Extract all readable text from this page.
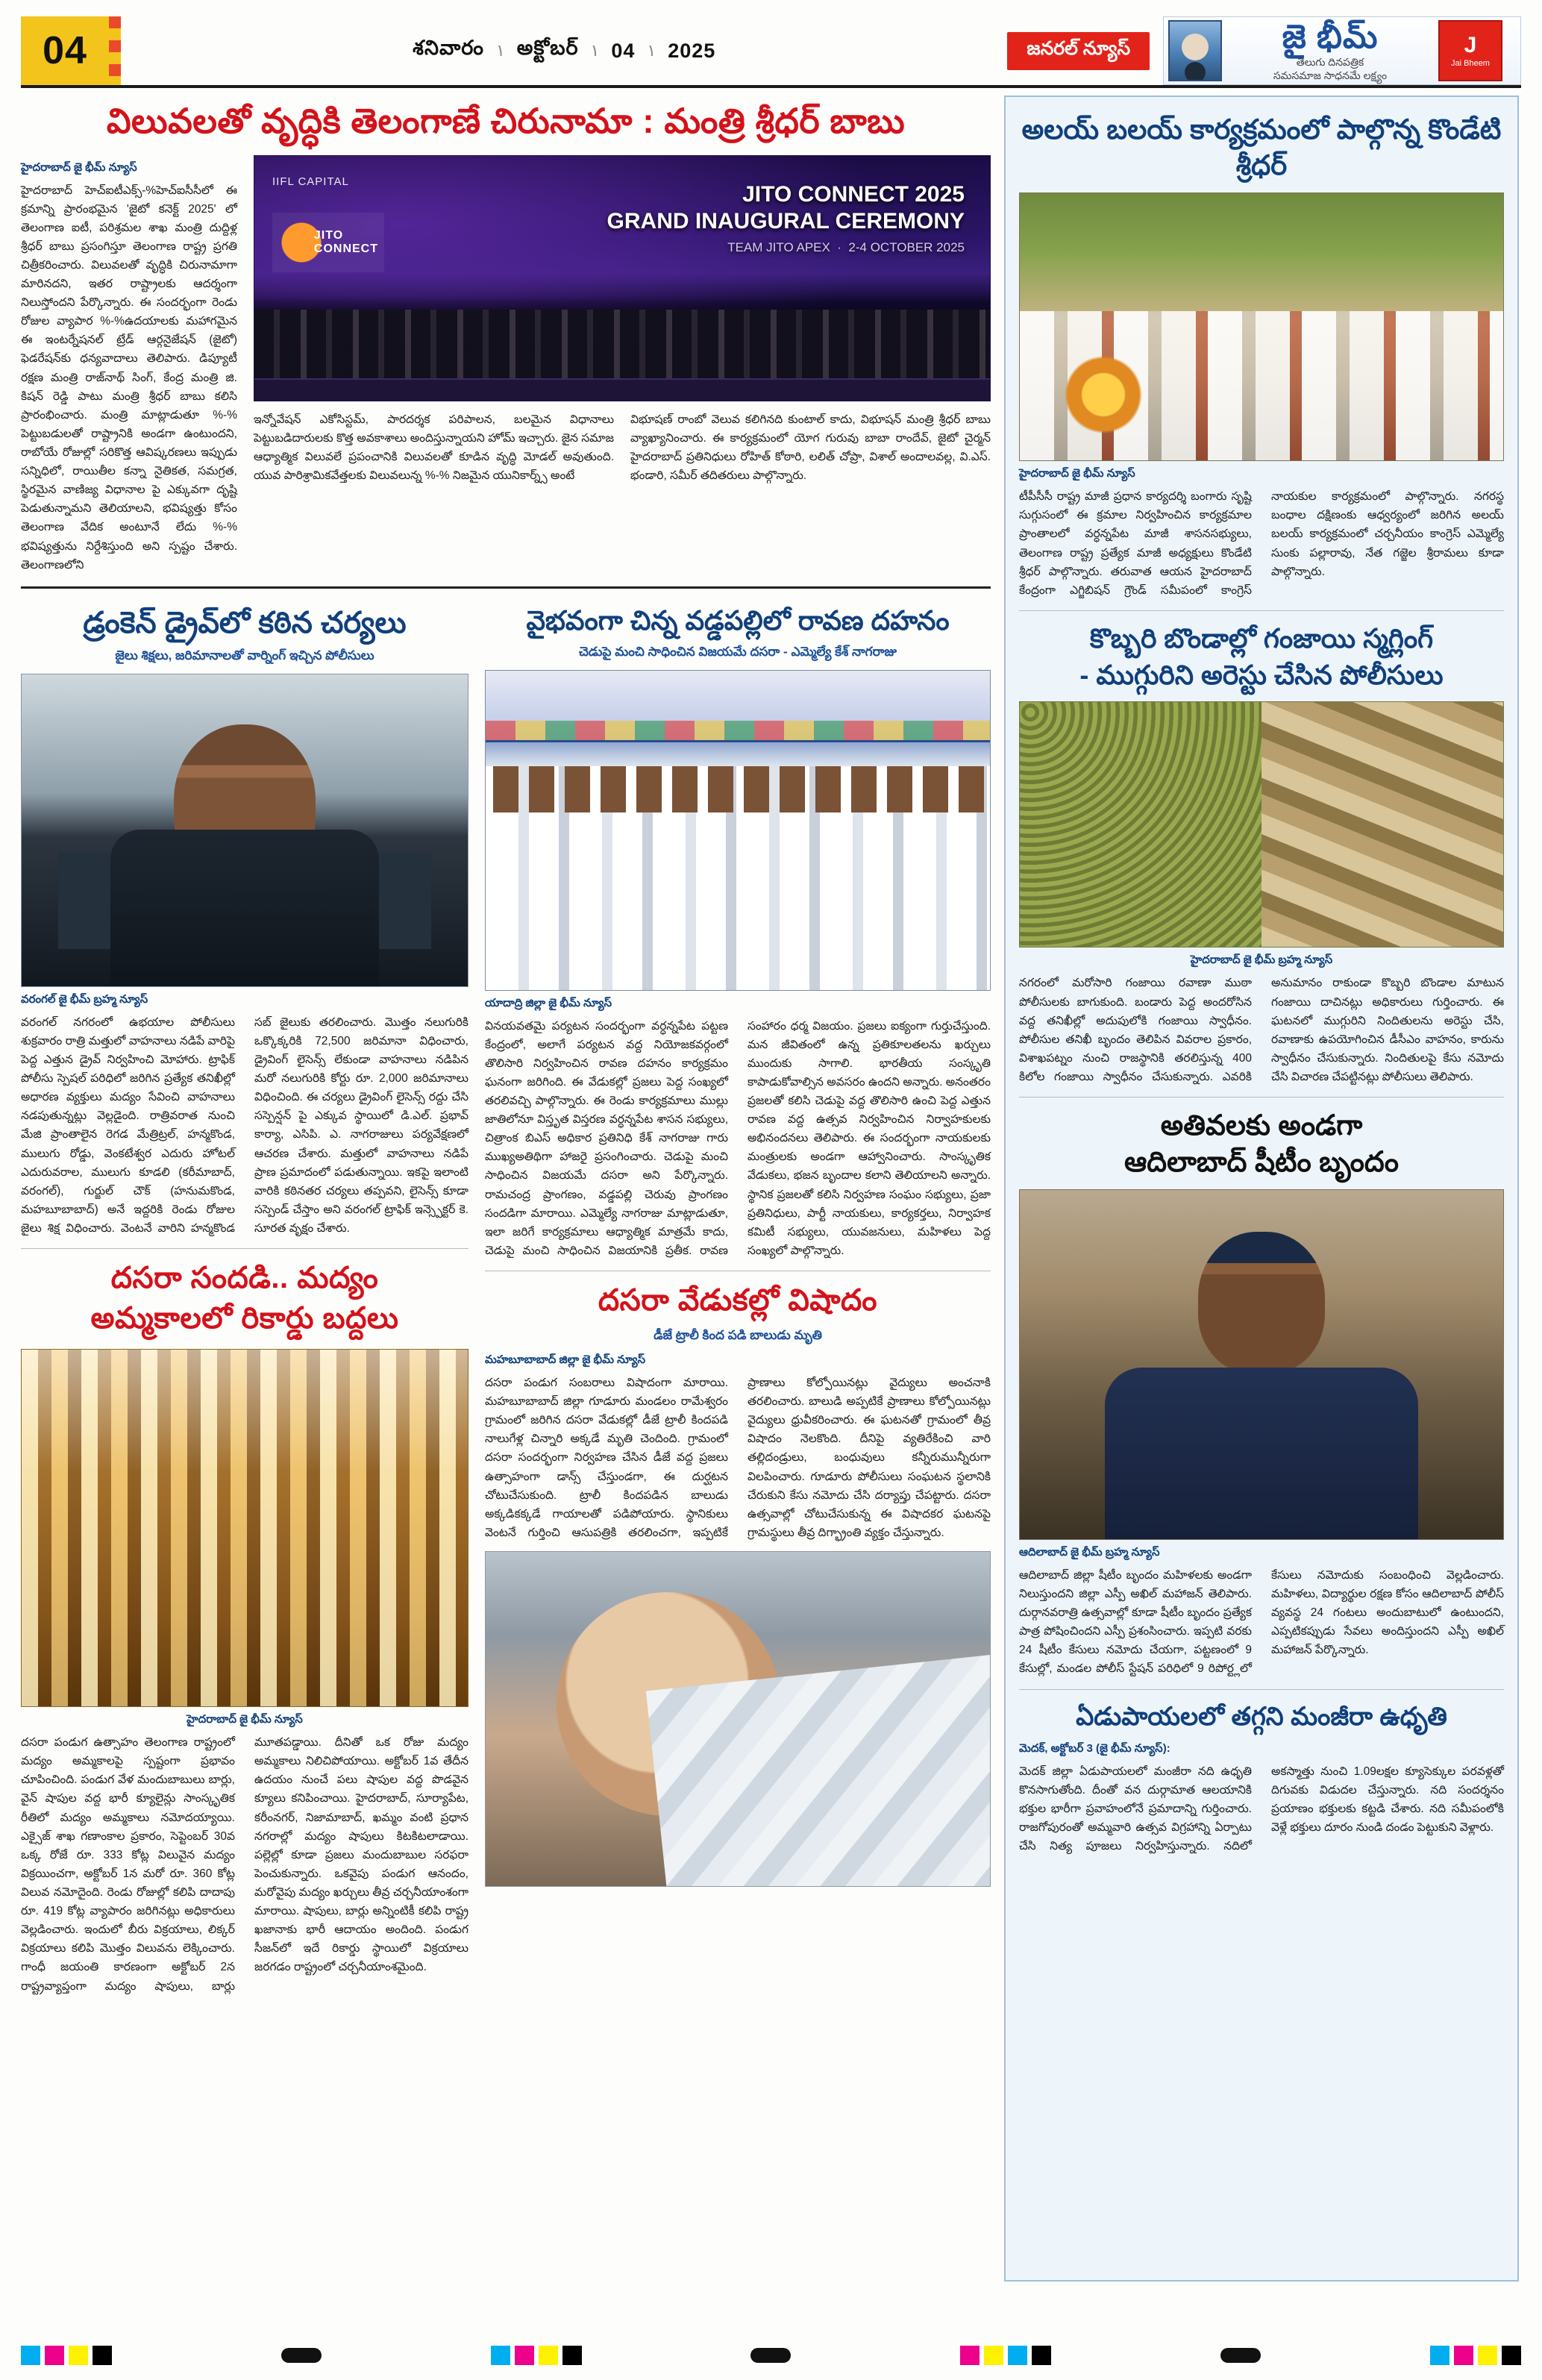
04	శనివారం ۱ అక్టోబర్ ۱ 04 ۱ 2025	జనరల్ న్యూస్	జై భీమ్
తెలుగు దినపత్రిక
సమసమాజ సాధనమే లక్ష్యం
J
Jai Bheem
విలువలతో వృద్ధికి తెలంగాణే చిరునామా : మంత్రి శ్రీధర్ బాబు
హైదరాబాద్ జై భీమ్ న్యూస్
హైదరాబాద్ హెచ్‌ఐటీఎక్స్-%హెచ్‌ఐసీసీలో ఈ క్రమాన్ని ప్రారంభమైన 'జైటో కనెక్ట్ 2025' లో తెలంగాణ ఐటీ, పరిశ్రమల శాఖ మంత్రి దుద్దిళ్ల శ్రీధర్ బాబు ప్రసంగిస్తూ తెలంగాణ రాష్ట్ర ప్రగతి చిత్రీకరించారు. విలువలతో వృద్ధికి చిరునామాగా మారినదని, ఇతర రాష్ట్రాలకు ఆదర్శంగా నిలుస్తోందని పేర్కొన్నారు. ఈ సందర్భంగా రెండు రోజుల వ్యాపార %-%ఉదయాలకు మహాగమైన ఈ ఇంటర్నేషనల్ ట్రేడ్ ఆర్గనైజేషన్ (జైటో) ఫెడరేషన్‌కు ధన్యవాదాలు తెలిపారు. డిప్యూటీ రక్షణ మంత్రి రాజ్‌నాథ్ సింగ్, కేంద్ర మంత్రి జి. కిషన్ రెడ్డి పాటు మంత్రి శ్రీధర్ బాబు కలిసి ప్రారంభించారు. మంత్రి మాట్లాడుతూ %-% పెట్టుబడులతో రాష్ట్రానికి అండగా ఉంటుందని, రాబోయే రోజుల్లో సరికొత్త ఆవిష్కరణలు ఇప్పుడు సన్నిధిలో, రాయితీల కన్నా నైతికత, సమగ్రత, స్థిరమైన వాణిజ్య విధానాల పై ఎక్కువగా దృష్టి పెడుతున్నామని తెలియాలని, భవిష్యత్తు కోసం తెలంగాణ వేదిక అంటూనే లేదు %-% భవిష్యత్తును నిర్దేశిస్తుంది అని స్పష్టం చేశారు. తెలంగాణలోని
IIFL CAPITAL
JITO
CONNECT
JITO CONNECT 2025
GRAND INAUGURAL CEREMONY
TEAM JITO APEX  ·  2-4 OCTOBER 2025
ఇన్నోవేషన్ ఎకోసిస్టమ్, పారదర్శక పరిపాలన, బలమైన విధానాలు పెట్టుబడిదారులకు కొత్త అవకాశాలు అందిస్తున్నాయని హోమ్ ఇచ్చారు. జైన సమాజ ఆధ్యాత్మిక విలువలే ప్రపంచానికి విలువలతో కూడిన వృద్ధి మోడల్ అవుతుంది. యువ పారిశ్రామికవేత్తలకు విలువలున్న %-% నిజమైన యునికార్న్స్ అంటే
విభూషణ్ రాంబో వెలువ కలిగినది కుంటాల్ కాదు, విభూషన్ మంత్రి శ్రీధర్ బాబు వ్యాఖ్యానించారు. ఈ కార్యక్రమంలో యోగ గురువు బాబా రాందేవ్, జైటో చైర్మన్ హైదరాబాద్ ప్రతినిధులు రోహిత్ కోఠారి, లలిత్ చోప్రా, విశాల్ అందాలవల్ల, వి.ఎస్. భండారి, సమీర్ తదితరులు పాల్గొన్నారు.
డ్రంకెన్ డ్రైవ్‌లో కఠిన చర్యలు
జైలు శిక్షలు, జరిమానాలతో వార్నింగ్ ఇచ్చిన పోలీసులు
వరంగల్ జై భీమ్ బ్రహ్మ న్యూస్
వరంగల్ నగరంలో ఉభయాల పోలీసులు శుక్రవారం రాత్రి మత్తులో వాహనాలు నడిపే వారిపై పెద్ద ఎత్తున డ్రైవ్ నిర్వహించి మోహారు. ట్రాఫిక్ పోలీసు స్పెషల్ పరిధిలో జరిగిన ప్రత్యేక తనిఖీల్లో అధారణ వ్యక్తులు మద్యం సేవించి వాహనాలు నడపుతున్నట్లు వెల్లడైంది. రాత్రివరాత నుంచి మేజి ప్రాంతాలైన రెగడ మేత్రిట్రల్, హన్మకొండ, ములుగు రోడ్డు, వెంకటేశ్వర ఎదురు హోటల్ ఎదురువరాల, ములుగు కూడలి (కరీమాబాద్, వరంగల్), గుర్జుల్ చౌక్ (హనుమకొండ, మహబూబాబాద్) అనే ఇద్దరికి రెండు రోజుల జైలు శిక్ష విధించారు. వెంటనే వారిని హన్మకొండ సబ్ జైలుకు తరలించారు. మొత్తం నలుగురికి ఒక్కొక్కరికి 72,500 జరిమానా విధించారు, డ్రైవింగ్ లైసెన్స్ లేకుండా వాహనాలు నడిపిన మరో నలుగురికి కోర్టు రూ. 2,000 జరిమానాలు విధించింది. ఈ చర్యలు డ్రైవింగ్ లైసెన్స్ రద్దు చేసి సస్పెన్షన్ పై ఎక్కువ స్థాయిలో డి.ఎల్. ప్రభావ్ కార్యా, ఎసిపి. ఎ. నాగరాజులు పర్యవేక్షణలో ఆచరణ చేశారు. మత్తులో వాహనాలు నడిపే ప్రాణ ప్రమాదంలో పడుతున్నాయి. ఇకపై ఇలాంటి వారికి కఠినతర చర్యలు తప్పవని, లైసెన్స్ కూడా సస్పెండ్ చేస్తాం అని వరంగల్ ట్రాఫిక్ ఇన్స్పెక్టర్ కె. సూరత వృక్షం చేశారు.
దసరా సందడి.. మద్యం
అమ్మకాలలో రికార్డు బద్దలు
హైదరాబాద్ జై భీమ్ న్యూస్
దసరా పండుగ ఉత్సాహం తెలంగాణ రాష్ట్రంలో మద్యం అమ్మకాలపై స్పష్టంగా ప్రభావం చూపించింది. పండుగ వేళ మందుబాబులు బార్లు, వైన్ షాపుల వద్ద భారీ క్యూలైన్లు సాంస్కృతిక రీతిలో మద్యం అమ్మకాలు నమోదయ్యాయి. ఎక్సైజ్ శాఖ గణాంకాల ప్రకారం, సెప్టెంబర్ 30వ ఒక్క రోజే రూ. 333 కోట్ల విలువైన మద్యం విక్రయించగా, అక్టోబర్ 1న మరో రూ. 360 కోట్ల విలువ నమోదైంది. రెండు రోజుల్లో కలిపి దాదాపు రూ. 419 కోట్ల వ్యాపారం జరిగినట్లు అధికారులు వెల్లడించారు. ఇందులో బీరు విక్రయాలు, లిక్కర్ విక్రయాలు కలిపి మొత్తం విలువను లెక్కించారు. గాంధీ జయంతి కారణంగా అక్టోబర్ 2న రాష్ట్రవ్యాప్తంగా మద్యం షాపులు, బార్లు మూతపడ్డాయి. దీనితో ఒక రోజు మద్యం అమ్మకాలు నిలిచిపోయాయి. అక్టోబర్ 1వ తేదీన ఉదయం నుంచే పలు షాపుల వద్ద పొడవైన క్యూలు కనిపించాయి. హైదరాబాద్, సూర్యాపేట, కరీంనగర్, నిజామాబాద్, ఖమ్మం వంటి ప్రధాన నగరాల్లో మద్యం షాపులు కిటకిటలాడాయి. పల్లెల్లో కూడా ప్రజలు మందుబాబుల సరఫరా పెంచుకున్నారు. ఒకవైపు పండుగ ఆనందం, మరోవైపు మద్యం ఖర్చులు తీవ్ర చర్చనీయాంశంగా మారాయి. షాపులు, బార్లు అన్నింటికీ కలిపి రాష్ట్ర ఖజానాకు భారీ ఆదాయం అందింది. పండుగ సీజన్‌లో ఇదే రికార్డు స్థాయిలో విక్రయాలు జరగడం రాష్ట్రంలో చర్చనీయాంశమైంది.
వైభవంగా చిన్న వడ్డపల్లిలో రావణ దహనం
చెడుపై మంచి సాధించిన విజయమే దసరా - ఎమ్మెల్యే కేశ్ నాగరాజు
యాదాద్రి జిల్లా జై భీమ్ న్యూస్
వినయవతమై పర్యటన సందర్భంగా వర్ధన్నపేట పట్టణ కేంద్రంలో, అలాగే పర్యటన వద్ద నియోజకవర్గంలో తొలిసారి నిర్వహించిన రావణ దహనం కార్యక్రమం ఘనంగా జరిగింది. ఈ వేడుకల్లో ప్రజలు పెద్ద సంఖ్యలో తరలివచ్చి పాల్గొన్నారు. ఈ రెండు కార్యక్రమాలు ముల్లు జాతిలోనూ విస్తృత విస్తరణ వర్ధన్నపేట శాసన సభ్యులు, చిత్రాంక బిఎస్ అధికార ప్రతినిధి కేశ్ నాగరాజు గారు ముఖ్యఅతిథిగా హాజరై ప్రసంగించారు. చెడుపై మంచి సాధించిన విజయమే దసరా అని పేర్కొన్నారు. రామచంద్ర ప్రాంగణం, వడ్డపల్లి చెరువు ప్రాంగణం సందడిగా మారాయి. ఎమ్మెల్యే నాగరాజు మాట్లాడుతూ, ఇలా జరిగే కార్యక్రమాలు ఆధ్యాత్మిక మాత్రమే కాదు, చెడుపై మంచి సాధించిన విజయానికి ప్రతీక. రావణ సంహారం ధర్మ విజయం. ప్రజలు ఐక్యంగా గుర్తుచేస్తుంది. మన జీవితంలో ఉన్న ప్రతికూలతలను ఖర్చులు ముందుకు సాగాలి. భారతీయ సంస్కృతి కాపాడుకోవాల్సిన అవసరం ఉందని అన్నారు. అనంతరం ప్రజలతో కలిసి చెడుపై వద్ద తొలిసారి ఉంచి పెద్ద ఎత్తున రావణ వద్ద ఉత్సవ నిర్వహించిన నిర్వాహకులకు అభినందనలు తెలిపారు. ఈ సందర్భంగా నాయకులకు మంత్రులకు అండగా ఆహ్వానించారు. సాంస్కృతిక వేడుకలు, భజన బృందాల కలాని తెలియాలని అన్నారు. స్థానిక ప్రజలతో కలిసి నిర్వహణ సంఘం సభ్యులు, ప్రజా ప్రతినిధులు, పార్టీ నాయకులు, కార్యకర్తలు, నిర్వాహక కమిటీ సభ్యులు, యువజనులు, మహిళలు పెద్ద సంఖ్యలో పాల్గొన్నారు.
దసరా వేడుకల్లో విషాదం
డీజే ట్రాలీ కింద పడి బాలుడు మృతి
మహబూబాబాద్ జిల్లా జై భీమ్ న్యూస్
దసరా పండుగ సంబరాలు విషాదంగా మారాయి. మహబూబాబాద్ జిల్లా గూడూరు మండలం రామేశ్వరం గ్రామంలో జరిగిన దసరా వేడుకల్లో డీజే ట్రాలీ కిందపడి నాలుగేళ్ల చిన్నారి అక్కడే మృతి చెందింది. గ్రామంలో దసరా సందర్భంగా నిర్వహణ చేసిన డీజే వద్ద ప్రజలు ఉత్సాహంగా డాన్స్ చేస్తుండగా, ఈ దుర్ఘటన చోటుచేసుకుంది. ట్రాలీ కిందపడిన బాలుడు అక్కడికక్కడే గాయాలతో పడిపోయారు. స్థానికులు వెంటనే గుర్తించి ఆసుపత్రికి తరలించగా, ఇప్పటికే ప్రాణాలు కోల్పోయినట్లు వైద్యులు అంచనాకి తరలించారు. బాలుడి అప్పటికే ప్రాణాలు కోల్పోయినట్లు వైద్యులు ధ్రువీకరించారు. ఈ ఘటనతో గ్రామంలో తీవ్ర విషాదం నెలకొంది. దీనిపై వ్యతిరేకించి వారి తల్లిదండ్రులు, బంధువులు కన్నీరుమున్నీరుగా విలపించారు. గూడూరు పోలీసులు సంఘటన స్థలానికి చేరుకుని కేసు నమోదు చేసి దర్యాప్తు చేపట్టారు. దసరా ఉత్సవాల్లో చోటుచేసుకున్న ఈ విషాదకర ఘటనపై గ్రామస్థులు తీవ్ర దిగ్భ్రాంతి వ్యక్తం చేస్తున్నారు.
అలయ్ బలయ్ కార్యక్రమంలో పాల్గొన్న కొండేటి శ్రీధర్
హైదరాబాద్ జై భీమ్ న్యూస్
టీపీసీసీ రాష్ట్ర మాజీ ప్రధాన కార్యదర్శి బంగారు సృష్టి సుగ్గుసంలో ఈ క్రమాల నిర్వహించిన కార్యక్రమాల ప్రాంతాలలో వర్ధన్నపేట మాజీ శాసనసభ్యులు, తెలంగాణ రాష్ట్ర ప్రత్యేక మాజీ అధ్యక్షులు కొండేటి శ్రీధర్ పాల్గొన్నారు. తరువాత ఆయన హైదరాబాద్ కేంద్రంగా ఎగ్జిబిషన్ గ్రౌండ్ సమీపంలో కాంగ్రెస్ నాయకుల కార్యక్రమంలో పాల్గొన్నారు. నగరస్థ బంధాల దక్షిణంకు ఆధ్వర్యంలో జరిగిన అలయ్ బలయ్ కార్యక్రమంలో చర్చనీయం కాంగ్రెస్ ఎమ్మెల్యే సుంకు పల్లారావు, నేత గజ్జెల శ్రీరామలు కూడా పాల్గొన్నారు.
కొబ్బరి బొండాల్లో గంజాయి స్మగ్లింగ్
- ముగ్గురిని అరెస్టు చేసిన పోలీసులు
హైదరాబాద్ జై భీమ్ బ్రహ్మ న్యూస్
నగరంలో మరోసారి గంజాయి రవాణా ముఠా పోలీసులకు బాగుకుంది. బండారు పెద్ద అందరోసిన వద్ద తనిఖీల్లో అదుపులోకి గంజాయి స్వాధీనం. పోలీసుల తనిఖీ బృందం తెలిపిన వివరాల ప్రకారం, విశాఖపట్నం నుంచి రాజస్థానికి తరలిస్తున్న 400 కిలోల గంజాయి స్వాధీనం చేసుకున్నారు. ఎవరికి అనుమానం రాకుండా కొబ్బరి బొండాల మాటున గంజాయి దాచినట్లు అధికారులు గుర్తించారు. ఈ ఘటనలో ముగ్గురిని నిందితులను అరెస్టు చేసి, రవాణాకు ఉపయోగించిన డీసీఎం వాహనం, కారును స్వాధీనం చేసుకున్నారు. నిందితులపై కేసు నమోదు చేసి విచారణ చేపట్టినట్లు పోలీసులు తెలిపారు.
అతివలకు అండగా
ఆదిలాబాద్ షీటీం బృందం
ఆదిలాబాద్ జై భీమ్ బ్రహ్మ న్యూస్
ఆదిలాబాద్ జిల్లా షీటీం బృందం మహిళలకు అండగా నిలుస్తుందని జిల్లా ఎస్పీ అఖిల్ మహాజన్ తెలిపారు. దుర్గానవరాత్రి ఉత్సవాల్లో కూడా షీటీం బృందం ప్రత్యేక పాత్ర పోషించిందని ఎస్పీ ప్రశంసించారు. ఇప్పటి వరకు 24 షీటీం కేసులు నమోదు చేయగా, పట్టణంలో 9 కేసుల్లో, మండల పోలీస్ స్టేషన్ పరిధిలో 9 రిపోర్ట్లలో కేసులు నమోదుకు సంబంధించి వెల్లడించారు. మహిళలు, విద్యార్థుల రక్షణ కోసం ఆదిలాబాద్ పోలీస్ వ్యవస్థ 24 గంటలు అందుబాటులో ఉంటుందని, ఎప్పటికప్పుడు సేవలు అందిస్తుందని ఎస్పీ అఖిల్ మహాజన్ పేర్కొన్నారు.
ఏడుపాయలలో తగ్గని మంజీరా ఉధృతి
మెదక్, అక్టోబర్ 3 (జై భీమ్ న్యూస్):
మెదక్ జిల్లా ఏడుపాయలలో మంజీరా నది ఉధృతి కొనసాగుతోంది. దీంతో వన దుర్గామాత ఆలయానికి భక్తుల భారీగా ప్రవాహంలోనే ప్రమాదాన్ని గుర్తించారు. రాజగోపురంతో అమ్మవారి ఉత్సవ విగ్రహాన్ని ఏర్పాటు చేసి నిత్య పూజలు నిర్వహిస్తున్నారు. నదిలో అకస్మాత్తు నుంచి 1.09లక్షల క్యూసెక్కుల పరవళ్లతో దిగువకు విడుదల చేస్తున్నారు. నది సందర్శనం ప్రయాణం భక్తులకు కట్టడి చేశారు. నది సమీపంలోకి వెళ్లే భక్తులు దూరం నుండి దండం పెట్టుకుని వెళ్లారు.
